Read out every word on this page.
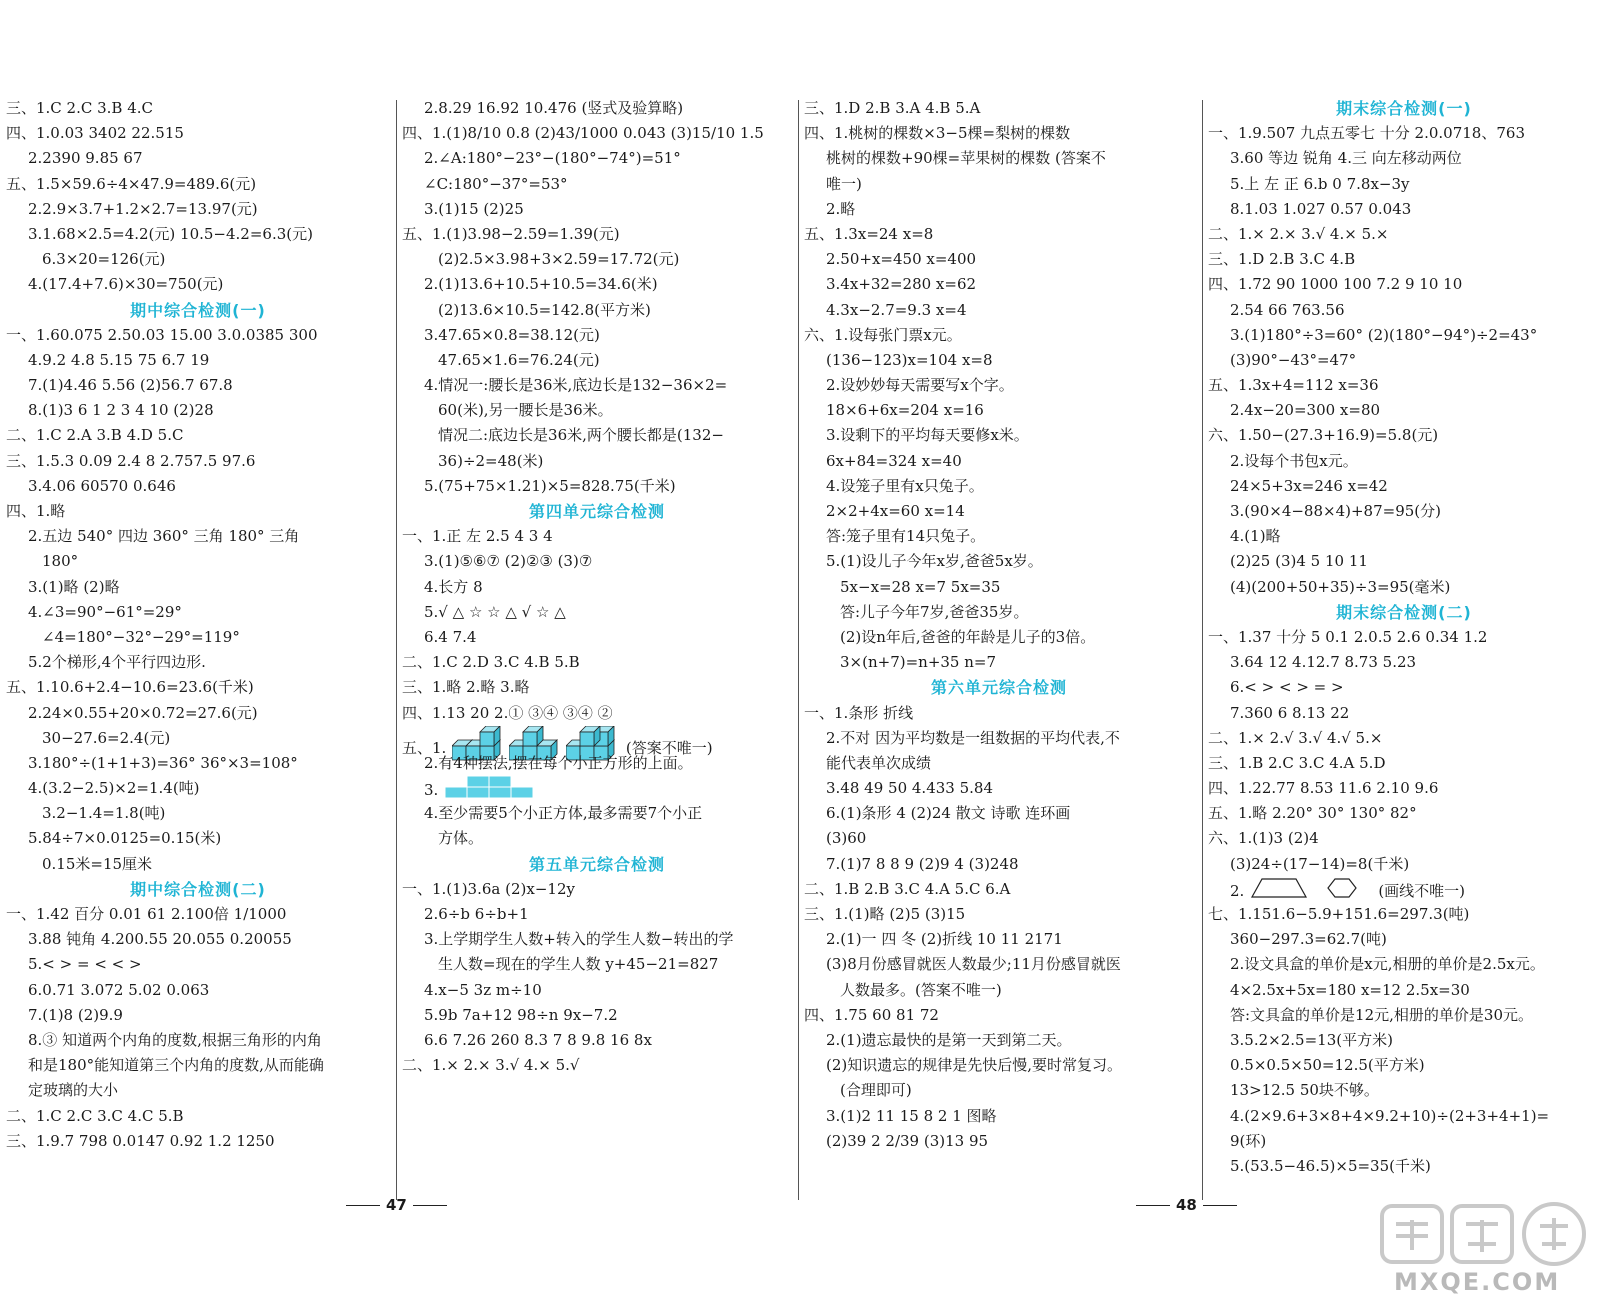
三、1.C 2.C 3.B 4.C
四、1.0.03 3402 22.515
2.2390 9.85 67
五、1.5×59.6÷4×47.9=489.6(元)
2.2.9×3.7+1.2×2.7=13.97(元)
3.1.68×2.5=4.2(元) 10.5−4.2=6.3(元)
6.3×20=126(元)
4.(17.4+7.6)×30=750(元)
期中综合检测(一)
一、1.60.075 2.50.03 15.00 3.0.0385 300
4.9.2 4.8 5.15 75 6.7 19
7.(1)4.46 5.56 (2)56.7 67.8
8.(1)3 6 1 2 3 4 10 (2)28
二、1.C 2.A 3.B 4.D 5.C
三、1.5.3 0.09 2.4 8 2.757.5 97.6
3.4.06 60570 0.646
四、1.略
2.五边 540° 四边 360° 三角 180° 三角
180°
3.(1)略 (2)略
4.∠3=90°−61°=29°
∠4=180°−32°−29°=119°
5.2个梯形,4个平行四边形.
五、1.10.6+2.4−10.6=23.6(千米)
2.24×0.55+20×0.72=27.6(元)
30−27.6=2.4(元)
3.180°÷(1+1+3)=36° 36°×3=108°
4.(3.2−2.5)×2=1.4(吨)
3.2−1.4=1.8(吨)
5.84÷7×0.0125=0.15(米)
0.15米=15厘米
期中综合检测(二)
一、1.42 百分 0.01 61 2.100倍 1/1000
3.88 钝角 4.200.55 20.055 0.20055
5.< > = < < >
6.0.71 3.072 5.02 0.063
7.(1)8 (2)9.9
8.③ 知道两个内角的度数,根据三角形的内角
和是180°能知道第三个内角的度数,从而能确
定玻璃的大小
二、1.C 2.C 3.C 4.C 5.B
三、1.9.7 798 0.0147 0.92 1.2 1250
2.8.29 16.92 10.476 (竖式及验算略)
四、1.(1)8/10 0.8 (2)43/1000 0.043 (3)15/10 1.5
2.∠A:180°−23°−(180°−74°)=51°
∠C:180°−37°=53°
3.(1)15 (2)25
五、1.(1)3.98−2.59=1.39(元)
(2)2.5×3.98+3×2.59=17.72(元)
2.(1)13.6+10.5+10.5=34.6(米)
(2)13.6×10.5=142.8(平方米)
3.47.65×0.8=38.12(元)
47.65×1.6=76.24(元)
4.情况一:腰长是36米,底边长是132−36×2=
60(米),另一腰长是36米。
情况二:底边长是36米,两个腰长都是(132−
36)÷2=48(米)
5.(75+75×1.21)×5=828.75(千米)
第四单元综合检测
一、1.正 左 2.5 4 3 4
3.(1)⑤⑥⑦ (2)②③ (3)⑦
4.长方 8
5.√ △ ☆ ☆ △ √ ☆ △
6.4 7.4
二、1.C 2.D 3.C 4.B 5.B
三、1.略 2.略 3.略
四、1.13 20 2.① ③④ ③④ ②
五、1.	(答案不唯一)
2.有4种摆法,摆在每个小正方形的上面。
3.
4.至少需要5个小正方体,最多需要7个小正
方体。
第五单元综合检测
一、1.(1)3.6a (2)x−12y
2.6÷b 6÷b+1
3.上学期学生人数+转入的学生人数−转出的学
生人数=现在的学生人数 y+45−21=827
4.x−5 3z m÷10
5.9b 7a+12 98÷n 9x−7.2
6.6 7.26 260 8.3 7 8 9.8 16 8x
二、1.× 2.× 3.√ 4.× 5.√
三、1.D 2.B 3.A 4.B 5.A
四、1.桃树的棵数×3−5棵=梨树的棵数
桃树的棵数+90棵=苹果树的棵数 (答案不
唯一)
2.略
五、1.3x=24 x=8
2.50+x=450 x=400
3.4x+32=280 x=62
4.3x−2.7=9.3 x=4
六、1.设每张门票x元。
(136−123)x=104 x=8
2.设妙妙每天需要写x个字。
18×6+6x=204 x=16
3.设剩下的平均每天要修x米。
6x+84=324 x=40
4.设笼子里有x只兔子。
2×2+4x=60 x=14
答:笼子里有14只兔子。
5.(1)设儿子今年x岁,爸爸5x岁。
5x−x=28 x=7 5x=35
答:儿子今年7岁,爸爸35岁。
(2)设n年后,爸爸的年龄是儿子的3倍。
3×(n+7)=n+35 n=7
第六单元综合检测
一、1.条形 折线
2.不对 因为平均数是一组数据的平均代表,不
能代表单次成绩
3.48 49 50 4.433 5.84
6.(1)条形 4 (2)24 散文 诗歌 连环画
(3)60
7.(1)7 8 8 9 (2)9 4 (3)248
二、1.B 2.B 3.C 4.A 5.C 6.A
三、1.(1)略 (2)5 (3)15
2.(1)一 四 冬 (2)折线 10 11 2171
(3)8月份感冒就医人数最少;11月份感冒就医
人数最多。(答案不唯一)
四、1.75 60 81 72
2.(1)遗忘最快的是第一天到第二天。
(2)知识遗忘的规律是先快后慢,要时常复习。
(合理即可)
3.(1)2 11 15 8 2 1 图略
(2)39 2 2/39 (3)13 95
期末综合检测(一)
一、1.9.507 九点五零七 十分 2.0.0718、763
3.60 等边 锐角 4.三 向左移动两位
5.上 左 正 6.b 0 7.8x−3y
8.1.03 1.027 0.57 0.043
二、1.× 2.× 3.√ 4.× 5.×
三、1.D 2.B 3.C 4.B
四、1.72 90 1000 100 7.2 9 10 10
2.54 66 763.56
3.(1)180°÷3=60° (2)(180°−94°)÷2=43°
(3)90°−43°=47°
五、1.3x+4=112 x=36
2.4x−20=300 x=80
六、1.50−(27.3+16.9)=5.8(元)
2.设每个书包x元。
24×5+3x=246 x=42
3.(90×4−88×4)+87=95(分)
4.(1)略
(2)25 (3)4 5 10 11
(4)(200+50+35)÷3=95(毫米)
期末综合检测(二)
一、1.37 十分 5 0.1 2.0.5 2.6 0.34 1.2
3.64 12 4.12.7 8.73 5.23
6.< > < > = >
7.360 6 8.13 22
二、1.× 2.√ 3.√ 4.√ 5.×
三、1.B 2.C 3.C 4.A 5.D
四、1.22.77 8.53 11.6 2.10 9.6
五、1.略 2.20° 30° 130° 82°
六、1.(1)3 (2)4
(3)24÷(17−14)=8(千米)
2.	(画线不唯一)
七、1.151.6−5.9+151.6=297.3(吨)
360−297.3=62.7(吨)
2.设文具盒的单价是x元,相册的单价是2.5x元。
4×2.5x+5x=180 x=12 2.5x=30
答:文具盒的单价是12元,相册的单价是30元。
3.5.2×2.5=13(平方米)
0.5×0.5×50=12.5(平方米)
13>12.5 50块不够。
4.(2×9.6+3×8+4×9.2+10)÷(2+3+4+1)=
9(环)
5.(53.5−46.5)×5=35(千米)
47	48
MXQE.COM
